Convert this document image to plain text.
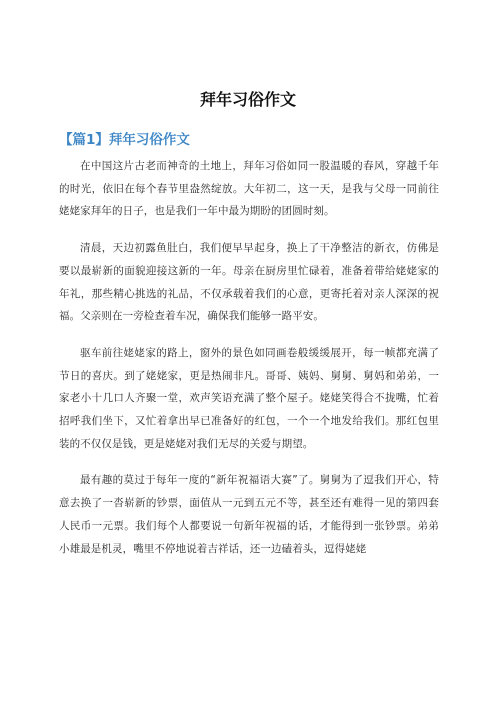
拜年习俗作文
【篇1】拜年习俗作文

在中国这片古老而神奇的土地上，拜年习俗如同一股温暖的春风，穿越千年的时光，依旧在每个春节里盎然绽放。大年初二，这一天，是我与父母一同前往姥姥家拜年的日子，也是我们一年中最为期盼的团圆时刻。

清晨，天边初露鱼肚白，我们便早早起身，换上了干净整洁的新衣，仿佛是要以最崭新的面貌迎接这新的一年。母亲在厨房里忙碌着，准备着带给姥姥家的年礼，那些精心挑选的礼品，不仅承载着我们的心意，更寄托着对亲人深深的祝福。父亲则在一旁检查着车况，确保我们能够一路平安。

驱车前往姥姥家的路上，窗外的景色如同画卷般缓缓展开，每一帧都充满了节日的喜庆。到了姥姥家，更是热闹非凡。哥哥、姨妈、舅舅、舅妈和弟弟，一家老小十几口人齐聚一堂，欢声笑语充满了整个屋子。姥姥笑得合不拢嘴，忙着招呼我们坐下，又忙着拿出早已准备好的红包，一个一个地发给我们。那红包里装的不仅仅是钱，更是姥姥对我们无尽的关爱与期望。

最有趣的莫过于每年一度的“新年祝福语大赛”了。舅舅为了逗我们开心，特意去换了一沓崭新的钞票，面值从一元到五元不等，甚至还有难得一见的第四套人民币一元票。我们每个人都要说一句新年祝福的话，才能得到一张钞票。弟弟小雄最是机灵，嘴里不停地说着吉祥话，还一边磕着头，逗得姥姥
